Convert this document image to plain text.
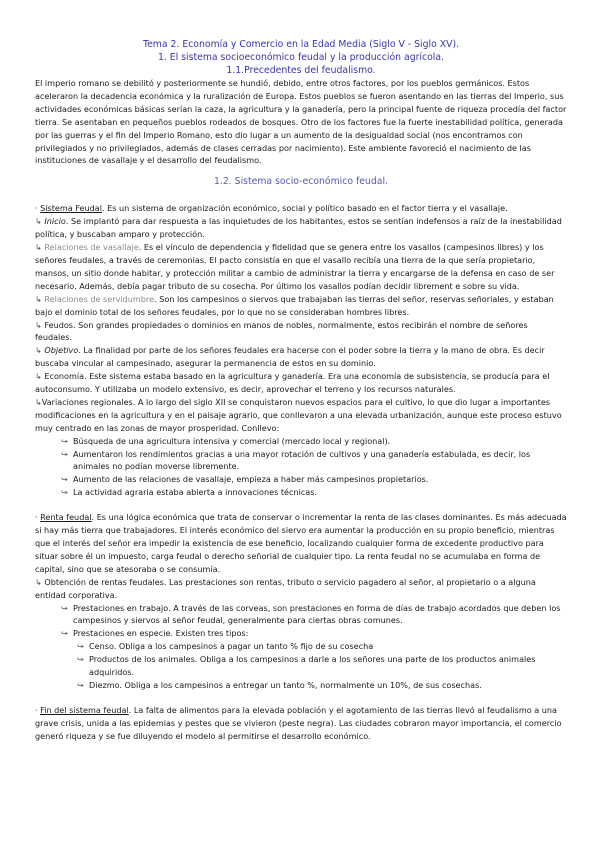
Tema 2. Economía y Comercio en la Edad Media (Siglo V - Siglo XV).

1. El sistema socioeconómico feudal y la producción agrícola.

1.1.Precedentes del feudalismo.

El imperio romano se debilitó y posteriormente se hundió, debido, entre otros factores, por los pueblos germánicos. Estos aceleraron la decadencia económica y la ruralización de Europa. Estos pueblos se fueron asentando en las tierras del Imperio, sus actividades económicas básicas serían la caza, la agricultura y la ganadería, pero la principal fuente de riqueza procedía del factor tierra. Se asentaban en pequeños pueblos rodeados de bosques. Otro de los factores fue la fuerte inestabilidad política, generada por las guerras y el fin del Imperio Romano, esto dio lugar a un aumento de la desigualdad social (nos encontramos con privilegiados y no privilegiados, además de clases cerradas por nacimiento). Este ambiente favoreció el nacimiento de las instituciones de vasallaje y el desarrollo del feudalismo.

1.2. Sistema socio-económico feudal.

· Sistema Feudal. Es un sistema de organización económico, social y político basado en el factor tierra y el vasallaje.

↳ Inicio. Se implantó para dar respuesta a las inquietudes de los habitantes, estos se sentían indefensos a raíz de la inestabilidad política, y buscaban amparo y protección.

↳ Relaciones de vasallaje. Es el vínculo de dependencia y fidelidad que se genera entre los vasallos (campesinos libres) y los señores feudales, a través de ceremonias. El pacto consistía en que el vasallo recibía una tierra de la que sería propietario, mansos, un sitio donde habitar, y protección militar a cambio de administrar la tierra y encargarse de la defensa en caso de ser necesario. Además, debía pagar tributo de su cosecha. Por último los vasallos podían decidir librement e sobre su vida.

↳ Relaciones de servidumbre. Son los campesinos o siervos que trabajaban las tierras del señor, reservas señoriales, y estaban bajo el dominio total de los señores feudales, por lo que no se consideraban hombres libres.

↳ Feudos. Son grandes propiedades o dominios en manos de nobles, normalmente, estos recibirán el nombre de señores feudales.

↳ Objetivo. La finalidad por parte de los señores feudales era hacerse con el poder sobre la tierra y la mano de obra. Es decir buscaba vincular al campesinado, asegurar la permanencia de estos en su dominio.

↳ Economía. Este sistema estaba basado en la agricultura y ganadería. Era una economía de subsistencia, se producía para el autoconsumo. Y utilizaba un modelo extensivo, es decir, aprovechar el terreno y los recursos naturales.

↳Variaciones regionales. A lo largo del siglo XII se conquistaron nuevos espacios para el cultivo, lo que dio lugar a importantes modificaciones en la agricultura y en el paisaje agrario, que conllevaron a una elevada urbanización, aunque este proceso estuvo muy centrado en las zonas de mayor prosperidad. Conllevo:

↪ Búsqueda de una agricultura intensiva y comercial (mercado local y regional).

↪ Aumentaron los rendimientos gracias a una mayor rotación de cultivos y una ganadería estabulada, es decir, los animales no podían moverse libremente.

↪ Aumento de las relaciones de vasallaje, empieza a haber más campesinos propietarios.

↪ La actividad agraria estaba abierta a innovaciones técnicas.

· Renta feudal. Es una lógica económica que trata de conservar o incrementar la renta de las clases dominantes. Es más adecuada si hay más tierra que trabajadores. El interés económico del siervo era aumentar la producción en su propio beneficio, mientras que el interés del señor era impedir la existencia de ese beneficio, localizando cualquier forma de excedente productivo para situar sobre él un impuesto, carga feudal o derecho señorial de cualquier tipo. La renta feudal no se acumulaba en forma de capital, sino que se atesoraba o se consumía.

↳ Obtención de rentas feudales. Las prestaciones son rentas, tributo o servicio pagadero al señor, al propietario o a alguna entidad corporativa.

↪ Prestaciones en trabajo. A través de las corveas, son prestaciones en forma de días de trabajo acordados que deben los campesinos y siervos al señor feudal, generalmente para ciertas obras comunes.

↪ Prestaciones en especie. Existen tres tipos:

↪ Censo. Obliga a los campesinos a pagar un tanto % fijo de su cosecha

↪ Productos de los animales. Obliga a los campesinos a darle a los señores una parte de los productos animales adquiridos.

↪ Diezmo. Obliga a los campesinos a entregar un tanto %, normalmente un 10%, de sus cosechas.

· Fin del sistema feudal. La falta de alimentos para la elevada población y el agotamiento de las tierras llevó al feudalismo a una grave crisis, unida a las epidemias y pestes que se vivieron (peste negra). Las ciudades cobraron mayor importancia, el comercio generó riqueza y se fue diluyendo el modelo al permitirse el desarrollo económico.
